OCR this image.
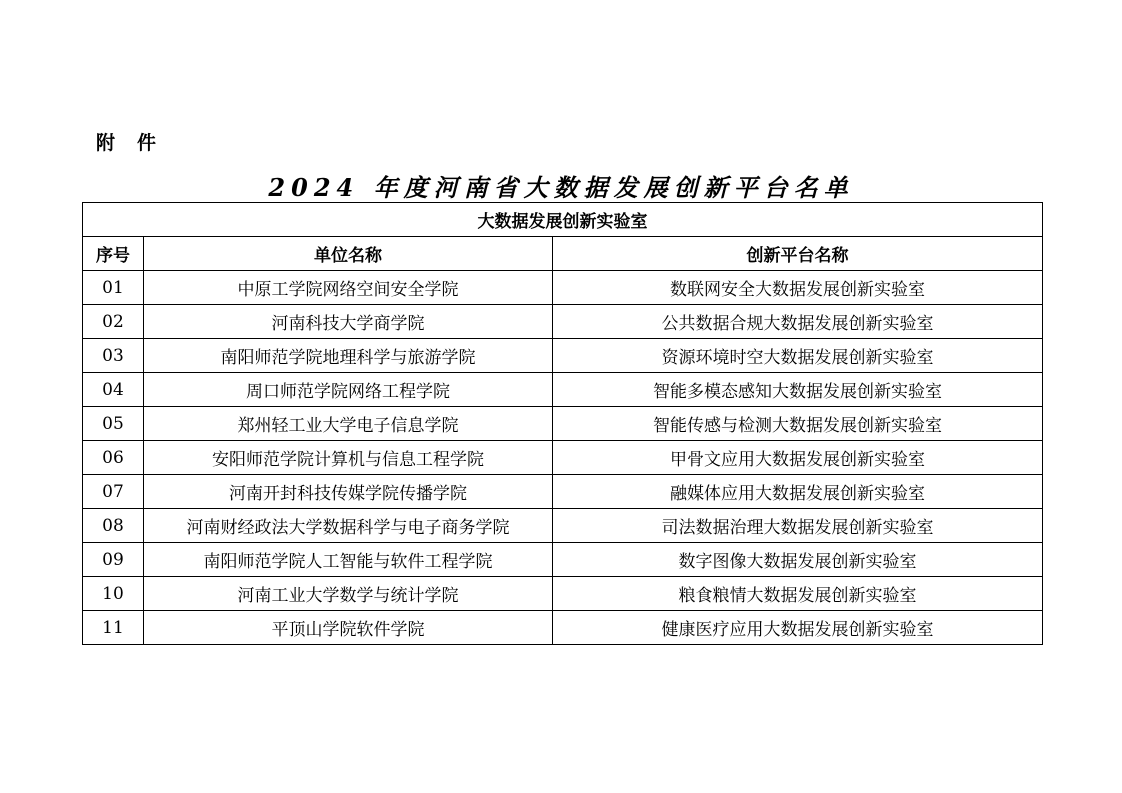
附件
2024 年度河南省大数据发展创新平台名单
大数据发展创新实验室		
序号	单位名称	创新平台名称
01	中原工学院网络空间安全学院	数联网安全大数据发展创新实验室
02	河南科技大学商学院	公共数据合规大数据发展创新实验室
03	南阳师范学院地理科学与旅游学院	资源环境时空大数据发展创新实验室
04	周口师范学院网络工程学院	智能多模态感知大数据发展创新实验室
05	郑州轻工业大学电子信息学院	智能传感与检测大数据发展创新实验室
06	安阳师范学院计算机与信息工程学院	甲骨文应用大数据发展创新实验室
07	河南开封科技传媒学院传播学院	融媒体应用大数据发展创新实验室
08	河南财经政法大学数据科学与电子商务学院	司法数据治理大数据发展创新实验室
09	南阳师范学院人工智能与软件工程学院	数字图像大数据发展创新实验室
10	河南工业大学数学与统计学院	粮食粮情大数据发展创新实验室
11	平顶山学院软件学院	健康医疗应用大数据发展创新实验室
